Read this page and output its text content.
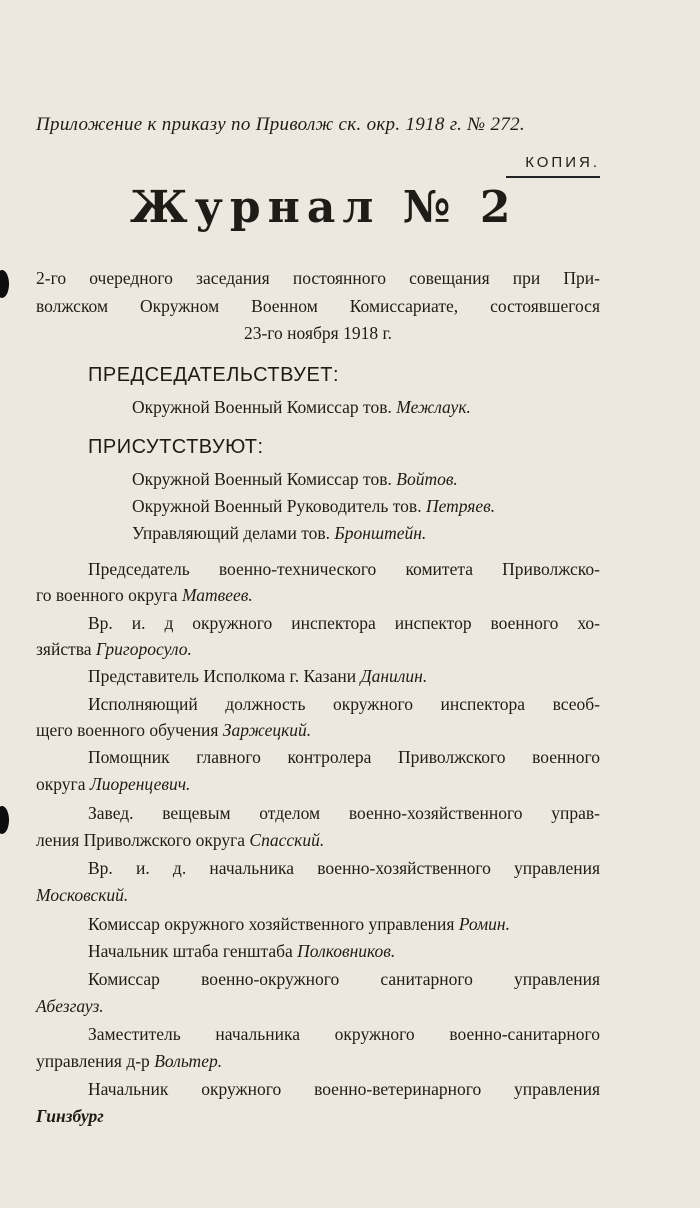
Приложение к приказу по Приволж ск. окр. 1918 г. № 272.
КОПИЯ.
Журнал № 2
2-го очередного заседания постоянного совещания при При-
волжском Окружном Военном Комиссариате, состоявшегося
23-го ноября 1918 г.
ПРЕДСЕДАТЕЛЬСТВУЕТ:
Окружной Военный Комиссар тов. Межлаук.
ПРИСУТСТВУЮТ:
Окружной Военный Комиссар тов. Войтов.
Окружной Военный Руководитель тов. Петряев.
Управляющий делами тов. Бронштейн.
Председатель военно-технического комитета Приволжско-
го военного округа Матвеев.
Вр. и. д окружного инспектора инспектор военного хо-
зяйства Григоросуло.
Представитель Исполкома г. Казани Данилин.
Исполняющий должность окружного инспектора всеоб-
щего военного обучения Заржецкий.
Помощник главного контролера Приволжского военного
округа Лиоренцевич.
Завед. вещевым отделом военно-хозяйственного управ-
ления Приволжского округа Спасский.
Вр. и. д. начальника военно-хозяйственного управления
Московский.
Комиссар окружного хозяйственного управления Ромин.
Начальник штаба генштаба Полковников.
Комиссар военно-окружного санитарного управления
Абезгауз.
Заместитель начальника окружного военно-санитарного
управления д-р Вольтер.
Начальник окружного военно-ветеринарного управления
Гинзбург
